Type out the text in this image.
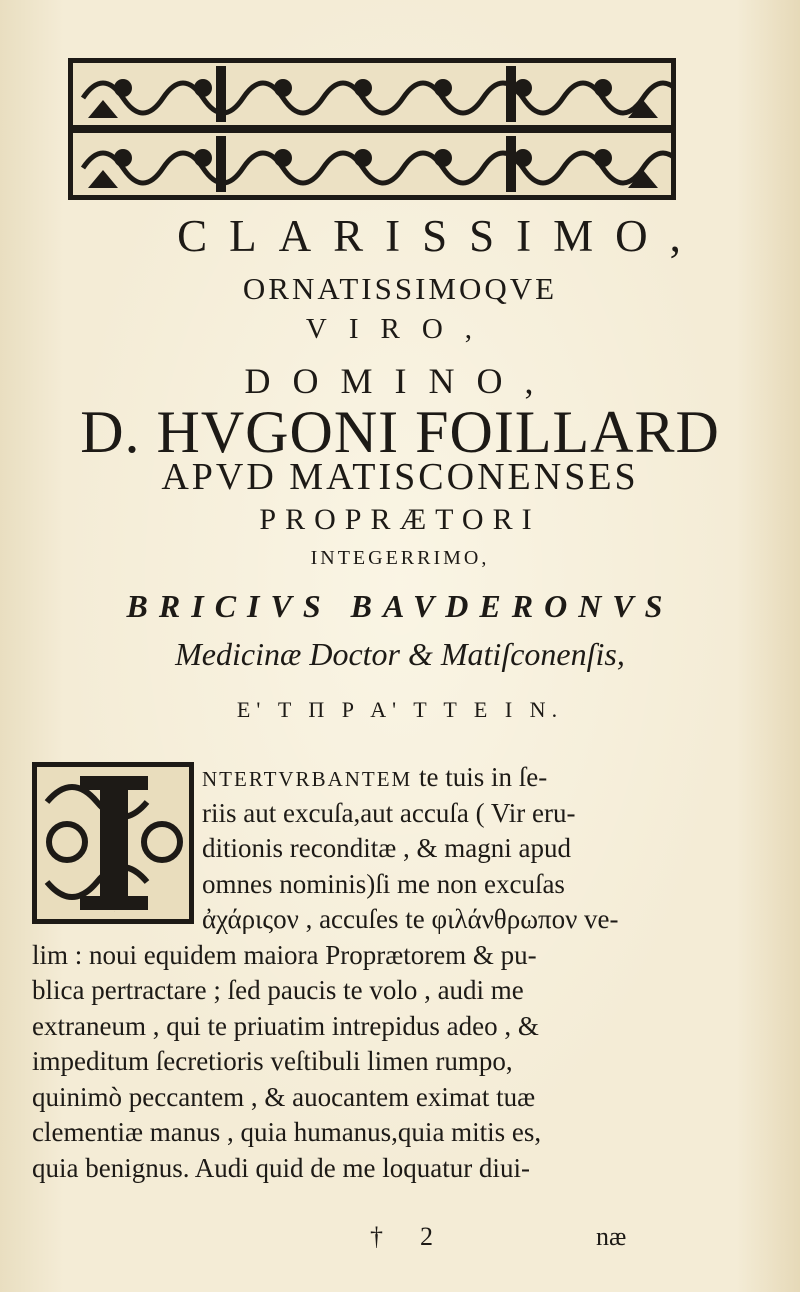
CLARISSIMO,
ORNATISSIMOQVE
VIRO,
DOMINO,
D. HVGONI FOILLARD
APVD MATISCONENSES
PROPRÆTORI
INTEGERRIMO,
BRICIVS BAVDERONVS
Medicinæ Doctor & Matiſconenſis,
E' Τ Π Ρ Α' Τ Τ Ε Ι Ν.
I
NTERTVRBANTEM te tuis in ſe-
riis aut excuſa,aut accuſa ( Vir eru-
ditionis reconditæ , & magni apud
omnes nominis)ſi me non excuſas
ἀχάριςον , accuſes te φιλάνθρωπον ve-
lim : noui equidem maiora Proprætorem & pu-
blica pertractare ; ſed paucis te volo , audi me
extraneum , qui te priuatim intrepidus adeo , &
impeditum ſecretioris veſtibuli limen rumpo,
quinimò peccantem , & auocantem eximat tuæ
clementiæ manus , quia humanus,quia mitis es,
quia benignus. Audi quid de me loquatur diui-
† 2	næ
